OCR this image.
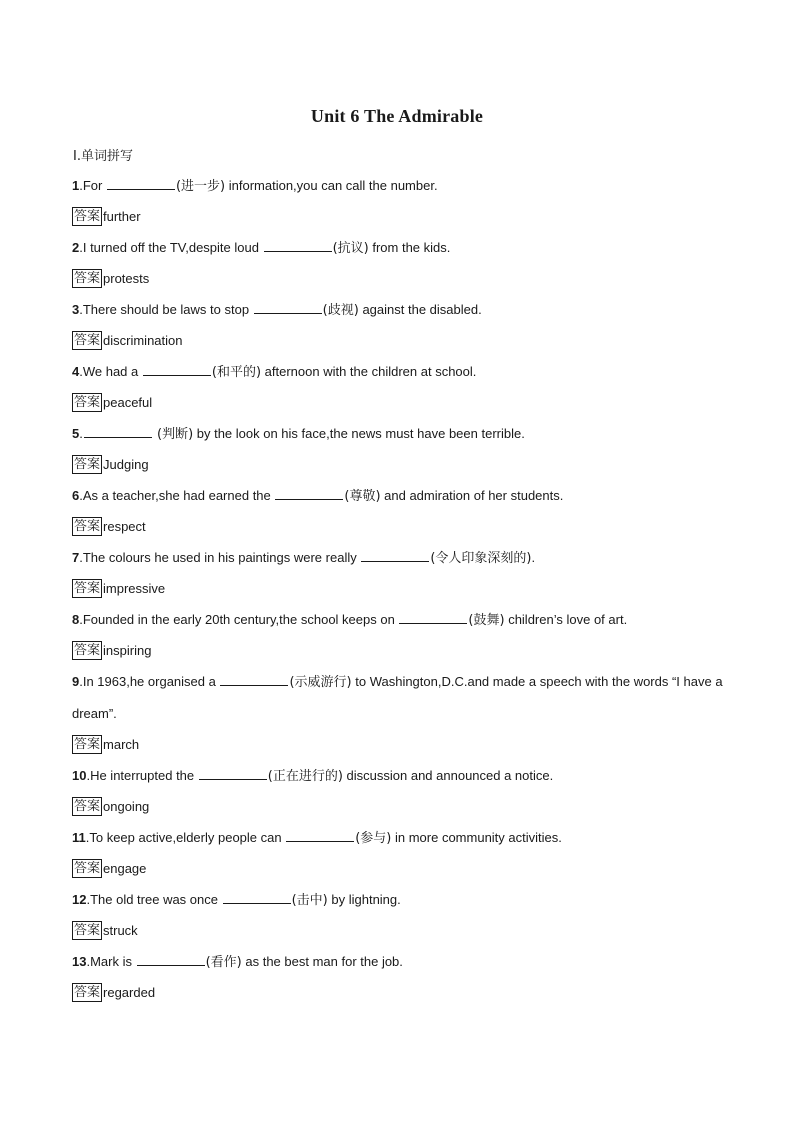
Unit 6 The Admirable
Ⅰ.单词拼写
1.For	(进一步) information,you can call the number.
答案 further
2.I turned off the TV,despite loud	(抗议) from the kids.
答案 protests
3.There should be laws to stop	(歧视) against the disabled.
答案 discrimination
4.We had a	(和平的) afternoon with the children at school.
答案 peaceful
5.	(判断) by the look on his face,the news must have been terrible.
答案 Judging
6.As a teacher,she had earned the	(尊敬) and admiration of her students.
答案 respect
7.The colours he used in his paintings were really	(令人印象深刻的).
答案 impressive
8.Founded in the early 20th century,the school keeps on	(鼓舞) children’s love of art.
答案 inspiring
9.In 1963,he organised a	(示威游行) to Washington,D.C.and made a speech with the words “I have a dream”.
答案 march
10.He interrupted the	(正在进行的) discussion and announced a notice.
答案 ongoing
11.To keep active,elderly people can	(参与) in more community activities.
答案 engage
12.The old tree was once	(击中) by lightning.
答案 struck
13.Mark is	(看作) as the best man for the job.
答案 regarded
